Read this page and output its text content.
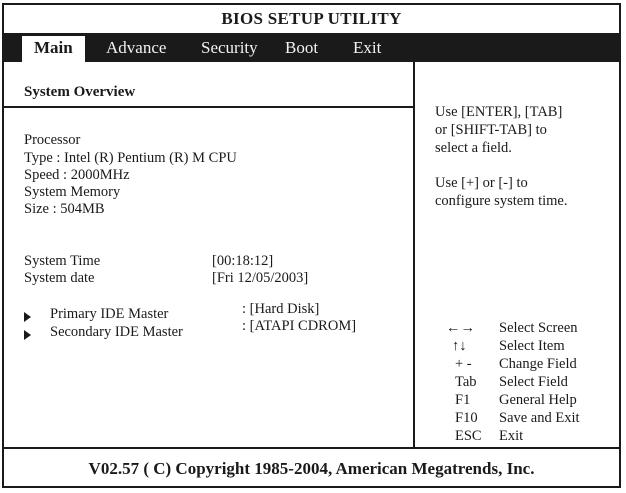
BIOS SETUP UTILITY
Main	Advance Security Boot Exit
System Overview
Processor
Type : Intel (R) Pentium (R) M CPU
Speed : 2000MHz
System Memory
Size : 504MB
System Time	[00:18:12]
System date	[Fri 12/05/2003]
Primary IDE Master	: [Hard Disk]
Secondary IDE Master	: [ATAPI CDROM]
Use [ENTER], [TAB]
or [SHIFT-TAB] to
select a field.
Use [+] or [-] to
configure system time.
←→ Select Screen
↑↓ Select Item
+ - Change Field
Tab Select Field
F1 General Help
F10 Save and Exit
ESC Exit
V02.57 ( C) Copyright 1985-2004, American Megatrends, Inc.
